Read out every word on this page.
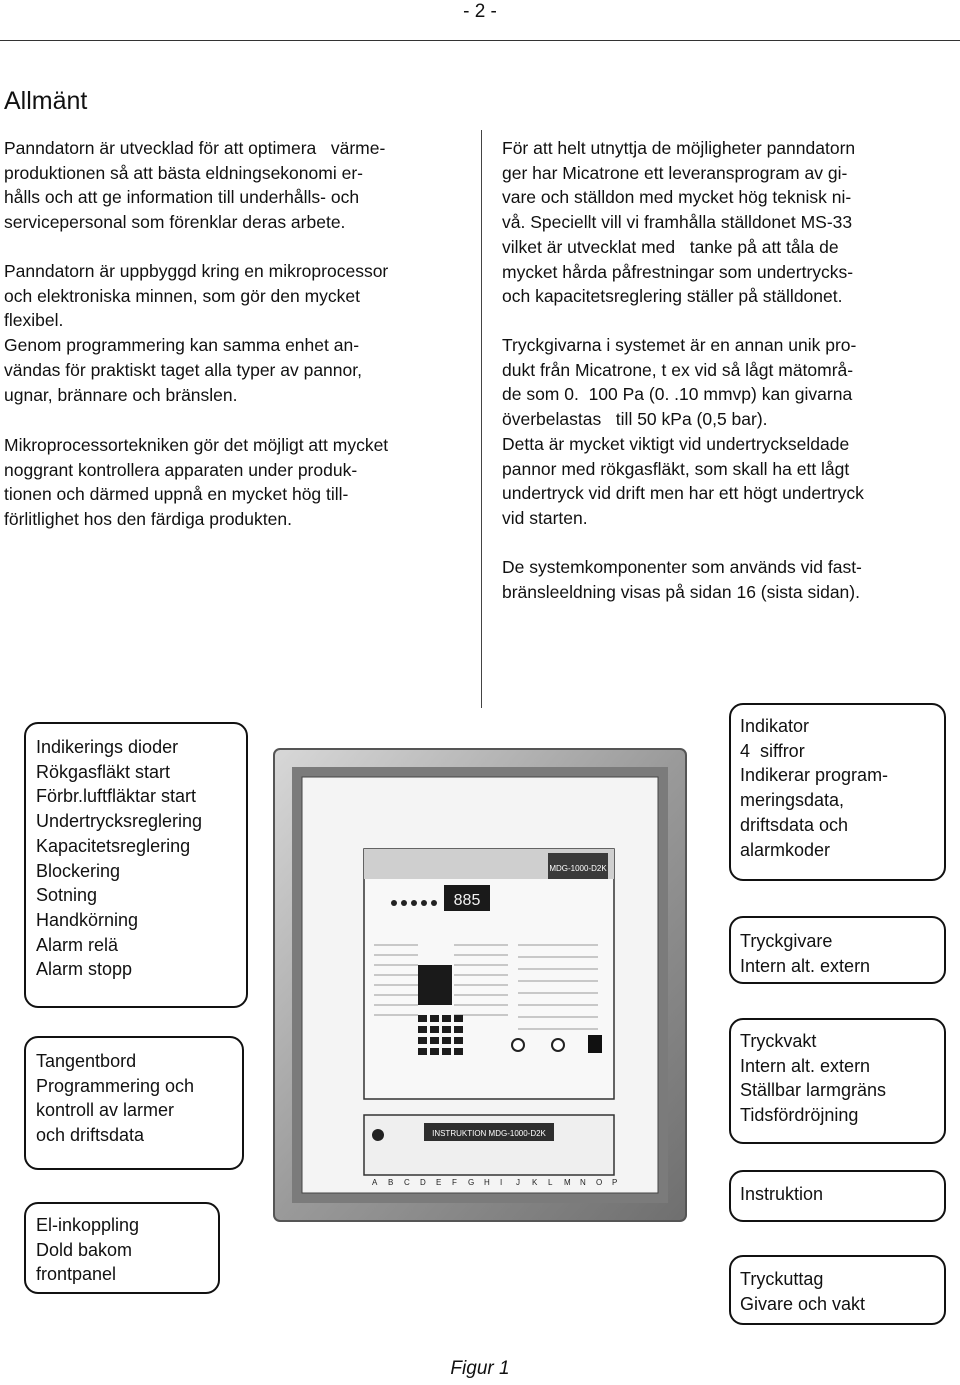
- 2 -
Allmänt
Panndatorn är utvecklad för att optimera   värme-
produktionen så att bästa eldningsekonomi er-
hålls och att ge information till underhålls- och
servicepersonal som förenklar deras arbete.
Panndatorn är uppbyggd kring en mikroprocessor
och elektroniska minnen, som gör den mycket
flexibel.
Genom programmering kan samma enhet an-
vändas för praktiskt taget alla typer av pannor,
ugnar, brännare och bränslen.
Mikroprocessortekniken gör det möjligt att mycket
noggrant kontrollera apparaten under produk-
tionen och därmed uppnå en mycket hög till-
förlitlighet hos den färdiga produkten.
För att helt utnyttja de möjligheter panndatorn
ger har Micatrone ett leveransprogram av gi-
vare och ställdon med mycket hög teknisk ni-
vå. Speciellt vill vi framhålla ställdonet MS-33
vilket är utvecklat med   tanke på att tåla de
mycket hårda påfrestningar som undertrycks-
och kapacitetsreglering ställer på ställdonet.
Tryckgivarna i systemet är en annan unik pro-
dukt från Micatrone, t ex vid så lågt mätområ-
de som 0.  100 Pa (0. .10 mmvp) kan givarna
överbelastas   till 50 kPa (0,5 bar).
Detta är mycket viktigt vid undertryckseldade
pannor med rökgasfläkt, som skall ha ett lågt
undertryck vid drift men har ett högt undertryck
vid starten.
De systemkomponenter som används vid fast-
bränsleeldning visas på sidan 16 (sista sidan).
885
MDG-1000-D2K
INSTRUKTION MDG-1000-D2K
A B C D E F G H I J K L M N O P
Indikerings dioder
Rökgasfläkt start
Förbr.luftfläktar start
Undertrycksreglering
Kapacitetsreglering
Blockering
Sotning
Handkörning
Alarm relä
Alarm stopp
Tangentbord
Programmering och
kontroll av larmer
och driftsdata
El-inkoppling
Dold bakom
frontpanel
Indikator
4  siffror
Indikerar program-
meringsdata,
driftsdata och
alarmkoder
Tryckgivare
Intern alt. extern
Tryckvakt
Intern alt. extern
Ställbar larmgräns
Tidsfördröjning
Instruktion
Tryckuttag
Givare och vakt
Figur 1
